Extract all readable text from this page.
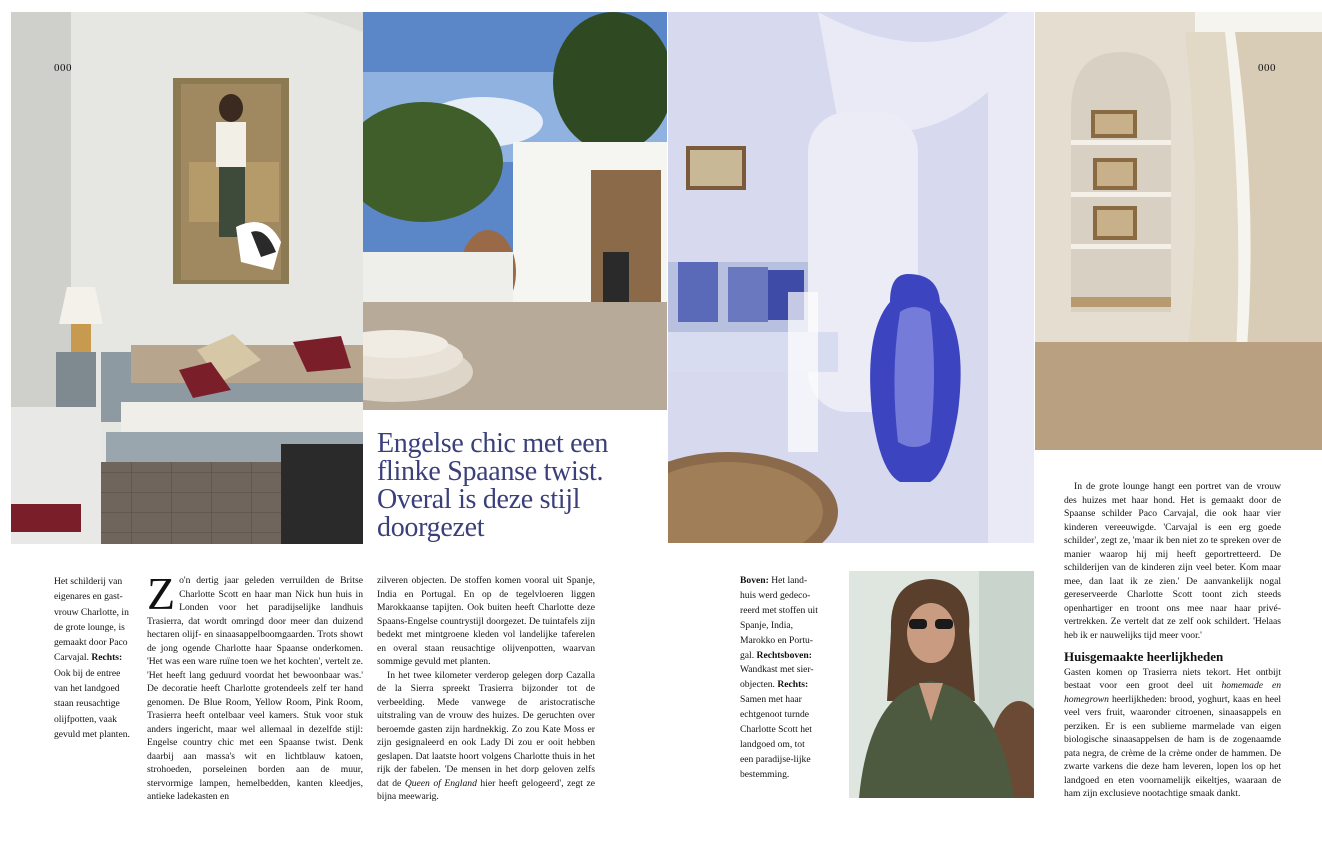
000	000
Engelse chic met een flinke Spaanse twist. Overal is deze stijl doorgezet

Het schilderij van eigenares en gast-vrouw Charlotte, in de grote lounge, is gemaakt door Paco Carvajal. Rechts: Ook bij de entree van het landgoed staan reusachtige olijfpotten, vaak gevuld met planten.

Zo'n dertig jaar geleden verruilden de Britse Charlotte Scott en haar man Nick hun huis in Londen voor het paradijselijke landhuis Trasierra, dat wordt omringd door meer dan duizend hectaren olijf- en sinaasappelboomgaarden. Trots showt de jong ogende Charlotte haar Spaanse onderkomen. 'Het was een ware ruïne toen we het kochten', vertelt ze. 'Het heeft lang geduurd voordat het bewoonbaar was.' De decoratie heeft Charlotte grotendeels zelf ter hand genomen. De Blue Room, Yellow Room, Pink Room, Trasierra heeft ontelbaar veel kamers. Stuk voor stuk anders ingericht, maar wel allemaal in dezelfde stijl: Engelse country chic met een Spaanse twist. Denk daarbij aan massa's wit en lichtblauw katoen, strohoeden, porseleinen borden aan de muur, stervormige lampen, hemelbedden, kanten kleedjes, antieke ladekasten en

zilveren objecten. De stoffen komen vooral uit Spanje, India en Portugal. En op de tegelvloeren liggen Marokkaanse tapijten. Ook buiten heeft Charlotte deze Spaans-Engelse countrystijl doorgezet. De tuintafels zijn bedekt met mintgroene kleden vol landelijke taferelen en overal staan reusachtige olijvenpotten, waarvan sommige gevuld met planten.

In het twee kilometer verderop gelegen dorp Cazalla de la Sierra spreekt Trasierra bijzonder tot de verbeelding. Mede vanwege de aristocratische uitstraling van de vrouw des huizes. De geruchten over beroemde gasten zijn hardnekkig. Zo zou Kate Moss er zijn gesignaleerd en ook Lady Di zou er ooit hebben geslapen. Dat laatste hoort volgens Charlotte thuis in het rijk der fabelen. 'De mensen in het dorp geloven zelfs dat de Queen of England hier heeft gelogeerd', zegt ze bijna meewarig.

Boven: Het land-huis werd gedeco-reerd met stoffen uit Spanje, India, Marokko en Portu-gal. Rechtsboven: Wandkast met sier-objecten. Rechts: Samen met haar echtgenoot turnde Charlotte Scott het landgoed om, tot een paradijse-lijke bestemming.

In de grote lounge hangt een portret van de vrouw des huizes met haar hond. Het is gemaakt door de Spaanse schilder Paco Carvajal, die ook haar vier kinderen vereeuwigde. 'Carvajal is een erg goede schilder', zegt ze, 'maar ik ben niet zo te spreken over de manier waarop hij mij heeft geportretteerd. De schilderijen van de kinderen zijn veel beter. Kom maar mee, dan laat ik ze zien.' De aanvankelijk nogal gereserveerde Charlotte Scott toont zich steeds openhartiger en troont ons mee naar haar privé-vertrekken. Ze vertelt dat ze zelf ook schildert. 'Helaas heb ik er nauwelijks tijd meer voor.'

Huisgemaakte heerlijkheden

Gasten komen op Trasierra niets tekort. Het ontbijt bestaat voor een groot deel uit homemade en homegrown heerlijkheden: brood, yoghurt, kaas en heel veel vers fruit, waaronder citroenen, sinaasappels en perziken. Er is een sublieme marmelade van eigen biologische sinaasappelsen de ham is de zogenaamde pata negra, de crème de la crème onder de hammen. De zwarte varkens die deze ham leveren, lopen los op het landgoed en eten voornamelijk eikeltjes, waaraan de ham zijn exclusieve nootachtige smaak dankt.
